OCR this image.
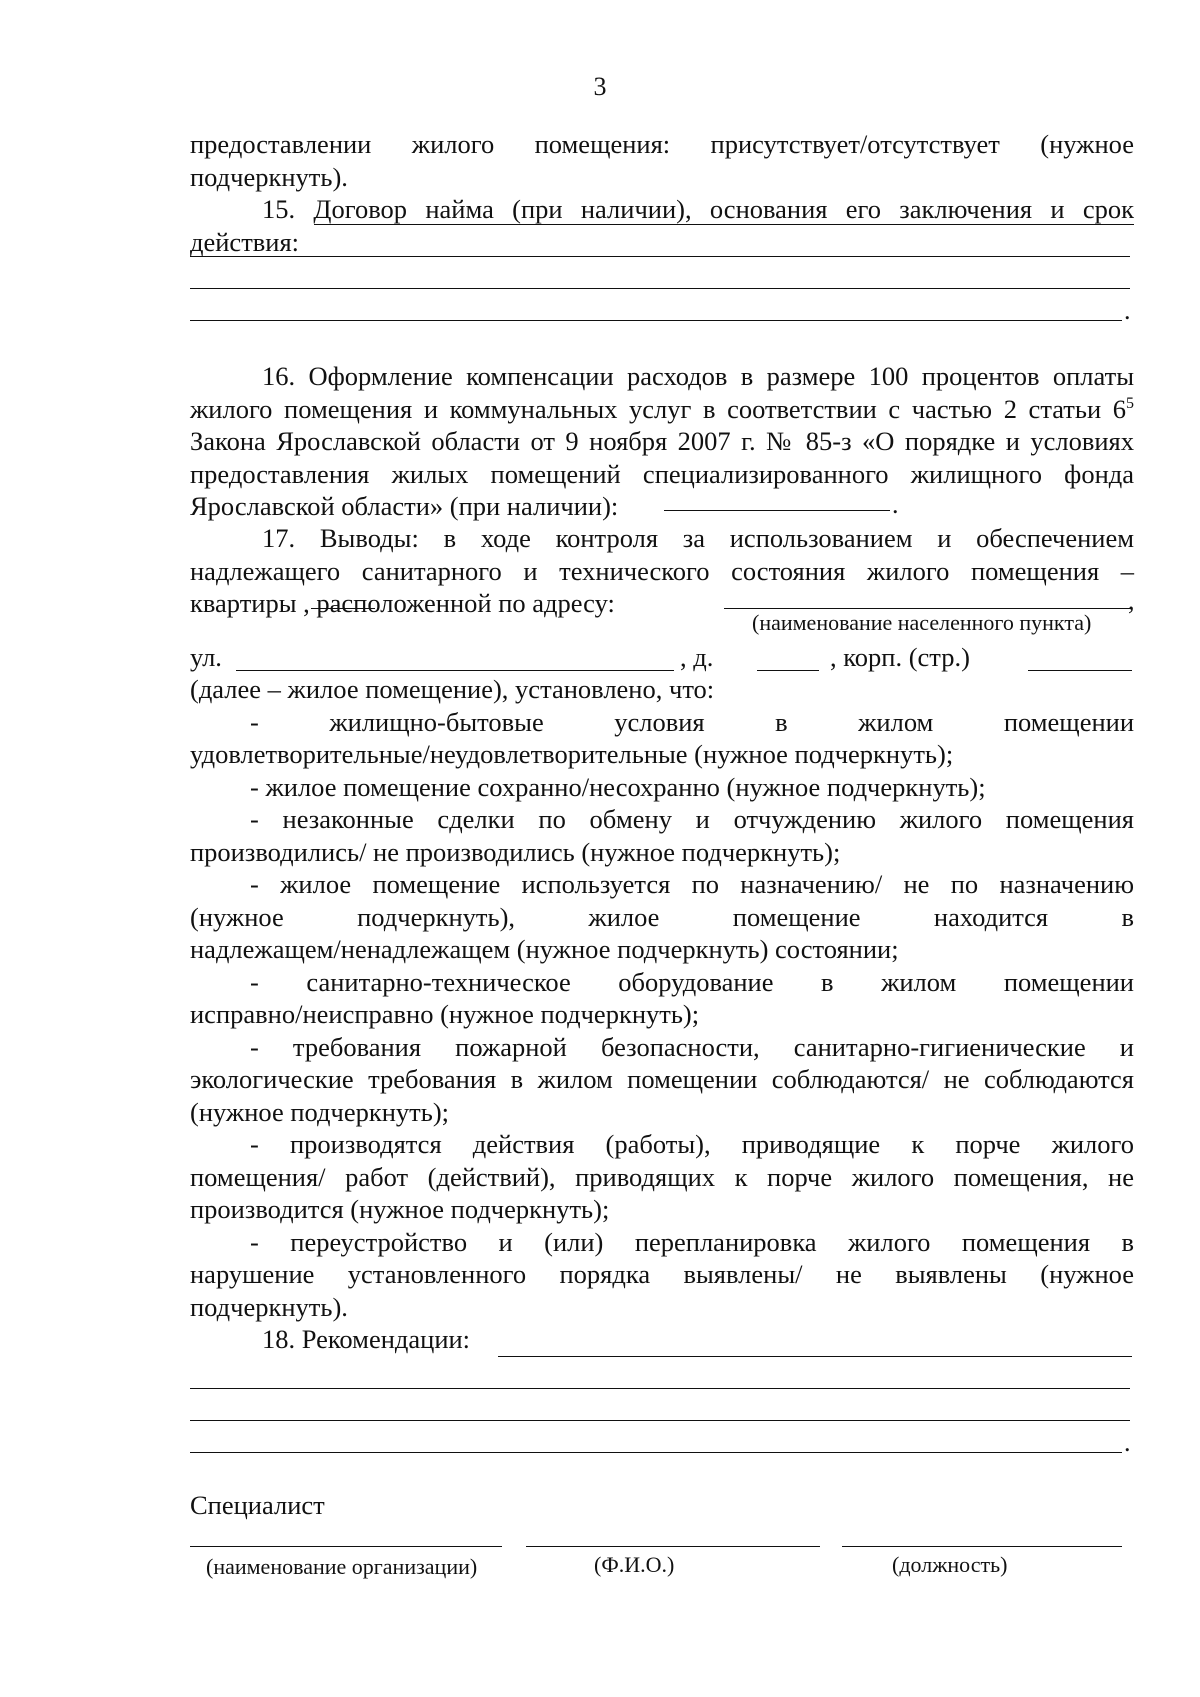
3
предоставлении жилого помещения: присутствует/отсутствует (нужное
подчеркнуть).
15. Договор найма (при наличии), основания его заключения и срок
действия:
.
16. Оформление компенсации расходов в размере 100 процентов оплаты
жилого помещения и коммунальных услуг в соответствии с частью 2 статьи $6^5$
Закона Ярославской области от 9 ноября 2007 г. № 85-з «О порядке и условиях
предоставления жилых помещений специализированного жилищного фонда
Ярославской области» (при наличии):	.
17. Выводы: в ходе контроля за использованием и обеспечением
надлежащего санитарного и технического состояния жилого помещения –
квартиры , расположенной по адресу:	,
(наименование населенного пункта)
ул.	, д.	, корп. (стр.)
(далее – жилое помещение), установлено, что:
- жилищно-бытовые условия в жилом помещении
удовлетворительные/неудовлетворительные (нужное подчеркнуть);
- жилое помещение сохранно/несохранно (нужное подчеркнуть);
- незаконные сделки по обмену и отчуждению жилого помещения
производились/ не производились (нужное подчеркнуть);
- жилое помещение используется по назначению/ не по назначению
(нужное подчеркнуть), жилое помещение находится в
надлежащем/ненадлежащем (нужное подчеркнуть) состоянии;
- санитарно-техническое оборудование в жилом помещении
исправно/неисправно (нужное подчеркнуть);
- требования пожарной безопасности, санитарно-гигиенические и
экологические требования в жилом помещении соблюдаются/ не соблюдаются
(нужное подчеркнуть);
- производятся действия (работы), приводящие к порче жилого
помещения/ работ (действий), приводящих к порче жилого помещения, не
производится (нужное подчеркнуть);
- переустройство и (или) перепланировка жилого помещения в
нарушение установленного порядка выявлены/ не выявлены (нужное
подчеркнуть).
18. Рекомендации:
.
Специалист
(наименование организации)	(Ф.И.О.)	(должность)
